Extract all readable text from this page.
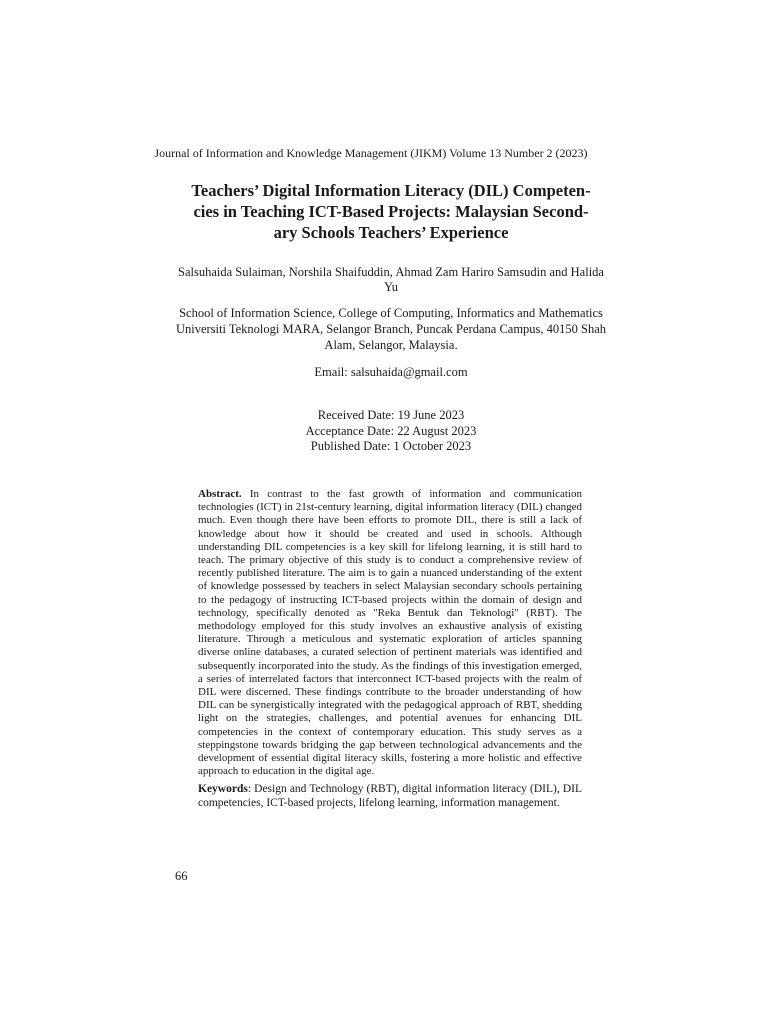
Journal of Information and Knowledge Management (JIKM) Volume 13 Number 2 (2023)
Teachers’ Digital Information Literacy (DIL) Competen-
cies in Teaching ICT-Based Projects: Malaysian Second-
ary Schools Teachers’ Experience
Salsuhaida Sulaiman, Norshila Shaifuddin, Ahmad Zam Hariro Samsudin and Halida
Yu
School of Information Science, College of Computing, Informatics and Mathematics
Universiti Teknologi MARA, Selangor Branch, Puncak Perdana Campus, 40150 Shah
Alam, Selangor, Malaysia.
Email: salsuhaida@gmail.com
Received Date: 19 June 2023
Acceptance Date: 22 August 2023
Published Date: 1 October 2023
Abstract. In contrast to the fast growth of information and communication technologies (ICT) in 21st-century learning, digital information literacy (DIL) changed much. Even though there have been efforts to promote DIL, there is still a lack of knowledge about how it should be created and used in schools. Although understanding DIL competencies is a key skill for lifelong learning, it is still hard to teach. The primary objective of this study is to conduct a comprehensive review of recently published literature. The aim is to gain a nuanced understanding of the extent of knowledge possessed by teachers in select Malaysian secondary schools pertaining to the pedagogy of instructing ICT-based projects within the domain of design and technology, specifically denoted as "Reka Bentuk dan Teknologi" (RBT). The methodology employed for this study involves an exhaustive analysis of existing literature. Through a meticulous and systematic exploration of articles spanning diverse online databases, a curated selection of pertinent materials was identified and subsequently incorporated into the study. As the findings of this investigation emerged, a series of interrelated factors that interconnect ICT-based projects with the realm of DIL were discerned. These findings contribute to the broader understanding of how DIL can be synergistically integrated with the pedagogical approach of RBT, shedding light on the strategies, challenges, and potential avenues for enhancing DIL competencies in the context of contemporary education. This study serves as a steppingstone towards bridging the gap between technological advancements and the development of essential digital literacy skills, fostering a more holistic and effective approach to education in the digital age.
Keywords: Design and Technology (RBT), digital information literacy (DIL), DIL competencies, ICT-based projects, lifelong learning, information management.
66
